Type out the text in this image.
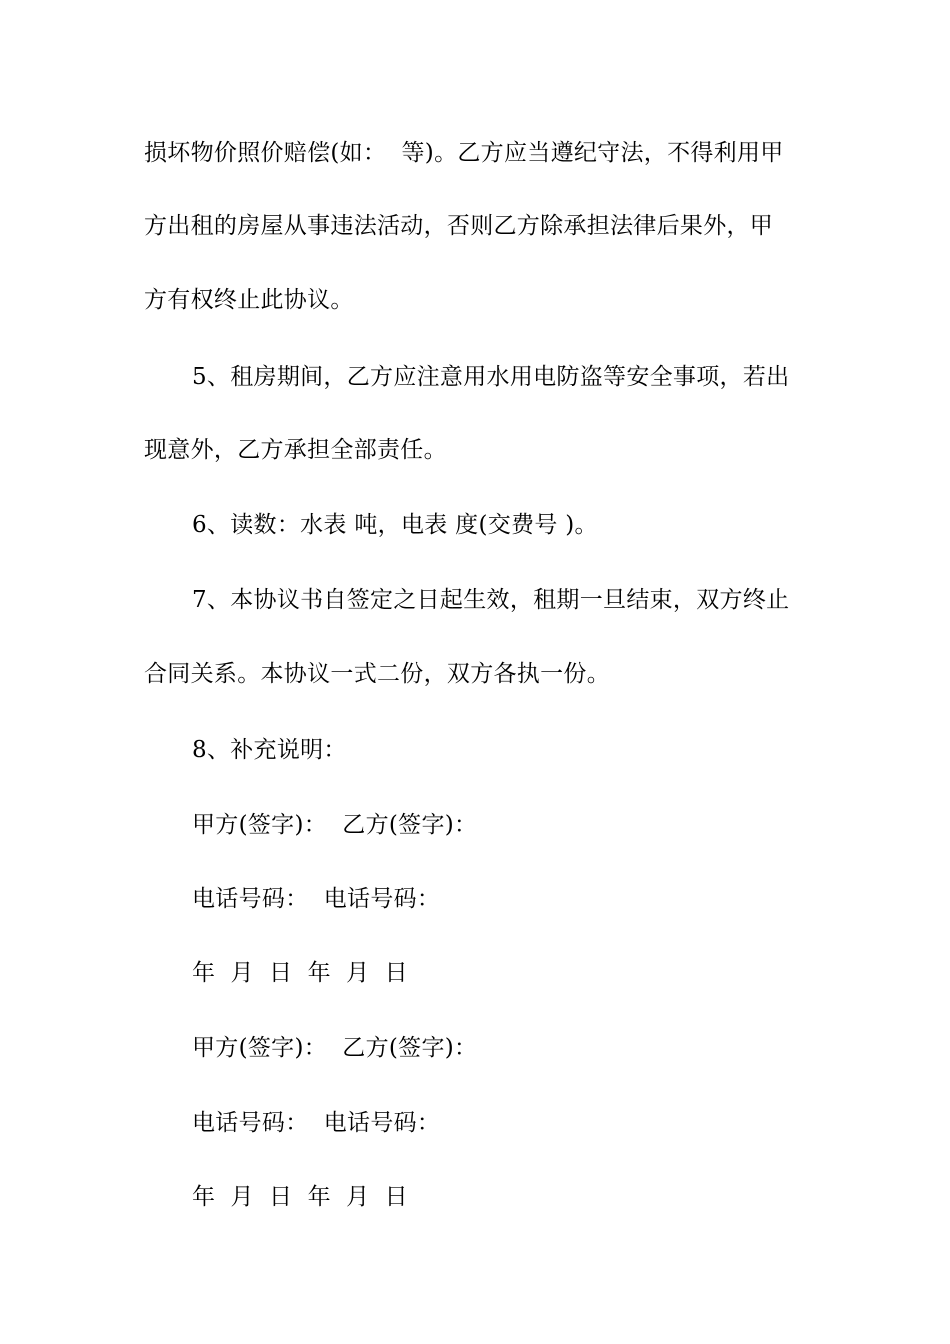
损坏物价照价赔偿(如：  等)。乙方应当遵纪守法，不得利用甲
方出租的房屋从事违法活动，否则乙方除承担法律后果外，甲
方有权终止此协议。
5、租房期间，乙方应注意用水用电防盗等安全事项，若出
现意外，乙方承担全部责任。
6、读数：水表 吨，电表 度(交费号 )。
7、本协议书自签定之日起生效，租期一旦结束，双方终止
合同关系。本协议一式二份，双方各执一份。
8、补充说明：
甲方(签字)：  乙方(签字)：
电话号码：  电话号码：
年  月  日  年  月  日
甲方(签字)：  乙方(签字)：
电话号码：  电话号码：
年  月  日  年  月  日
